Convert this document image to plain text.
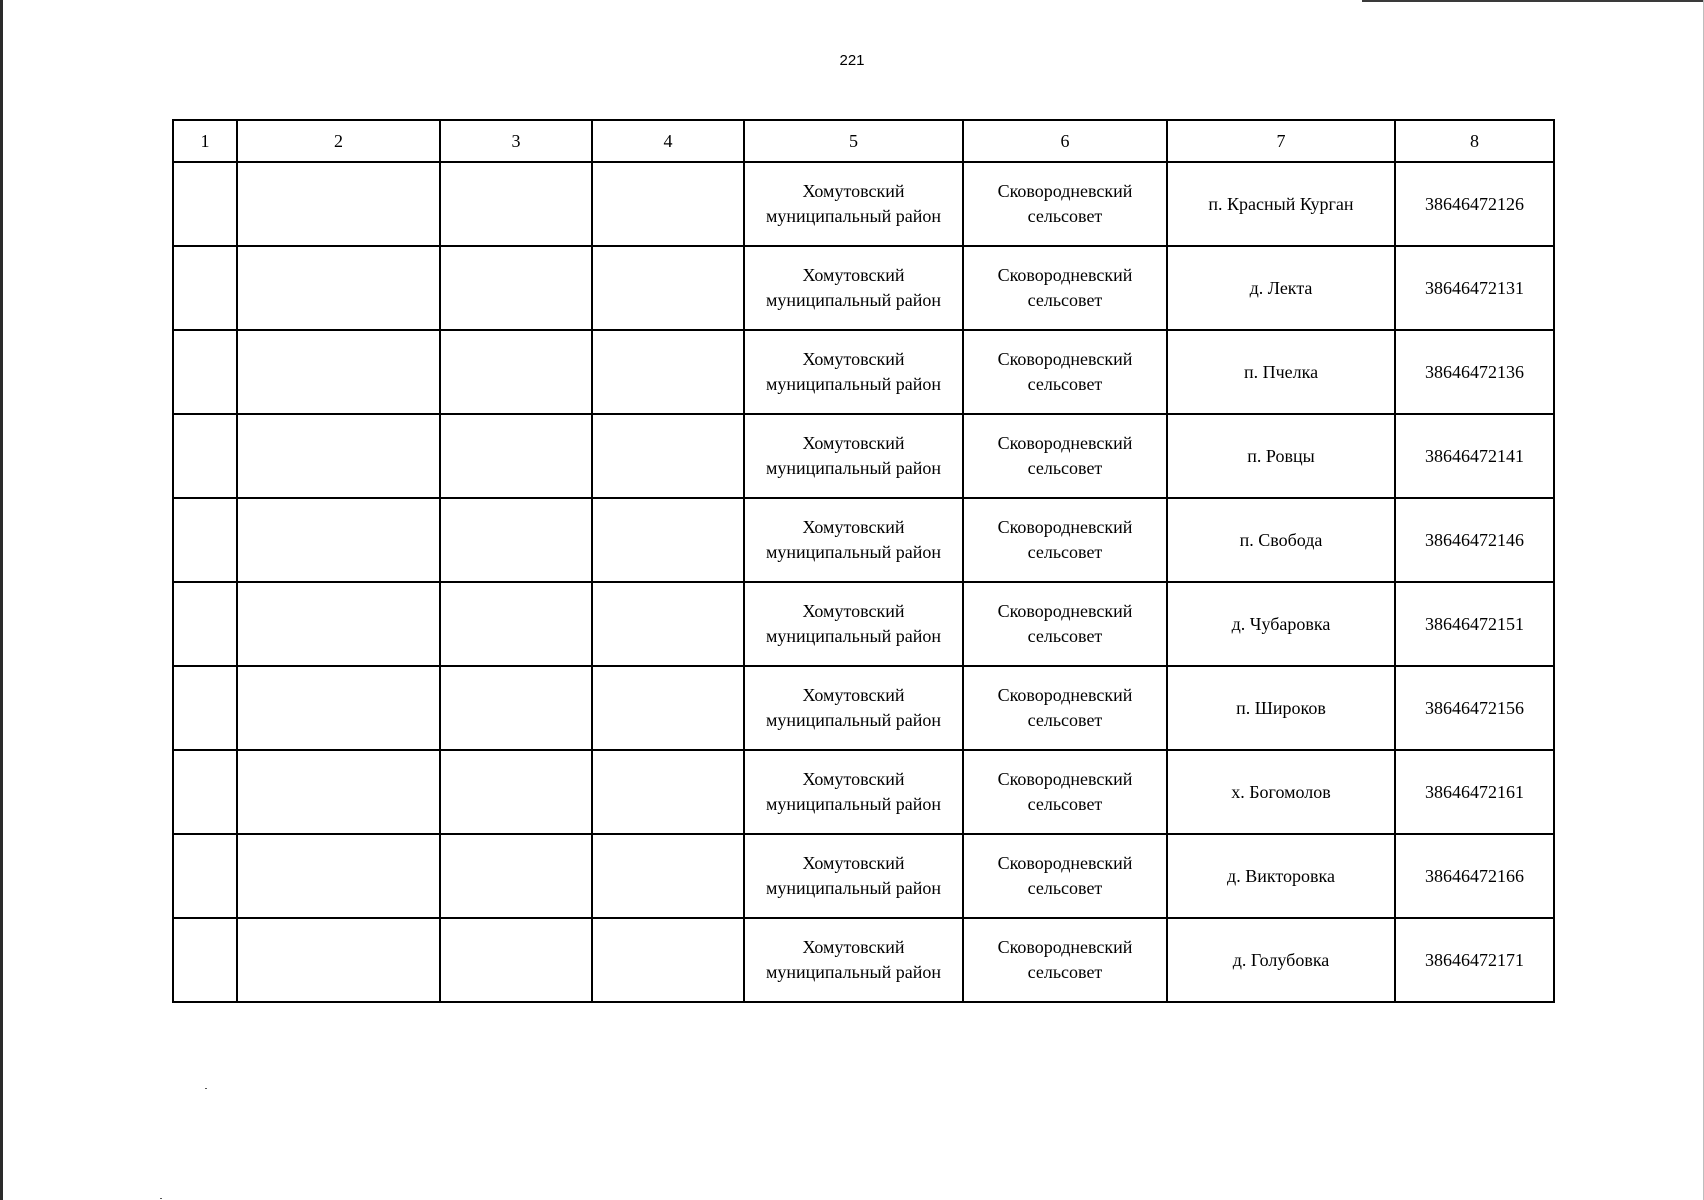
221
1	2	3	4	5	6	7	8
				Хомутовский муниципальный район	Сковородневский сельсовет	п. Красный Курган	38646472126
				Хомутовский муниципальный район	Сковородневский сельсовет	д. Лекта	38646472131
				Хомутовский муниципальный район	Сковородневский сельсовет	п. Пчелка	38646472136
				Хомутовский муниципальный район	Сковородневский сельсовет	п. Ровцы	38646472141
				Хомутовский муниципальный район	Сковородневский сельсовет	п. Свобода	38646472146
				Хомутовский муниципальный район	Сковородневский сельсовет	д. Чубаровка	38646472151
				Хомутовский муниципальный район	Сковородневский сельсовет	п. Широков	38646472156
				Хомутовский муниципальный район	Сковородневский сельсовет	х. Богомолов	38646472161
				Хомутовский муниципальный район	Сковородневский сельсовет	д. Викторовка	38646472166
				Хомутовский муниципальный район	Сковородневский сельсовет	д. Голубовка	38646472171
